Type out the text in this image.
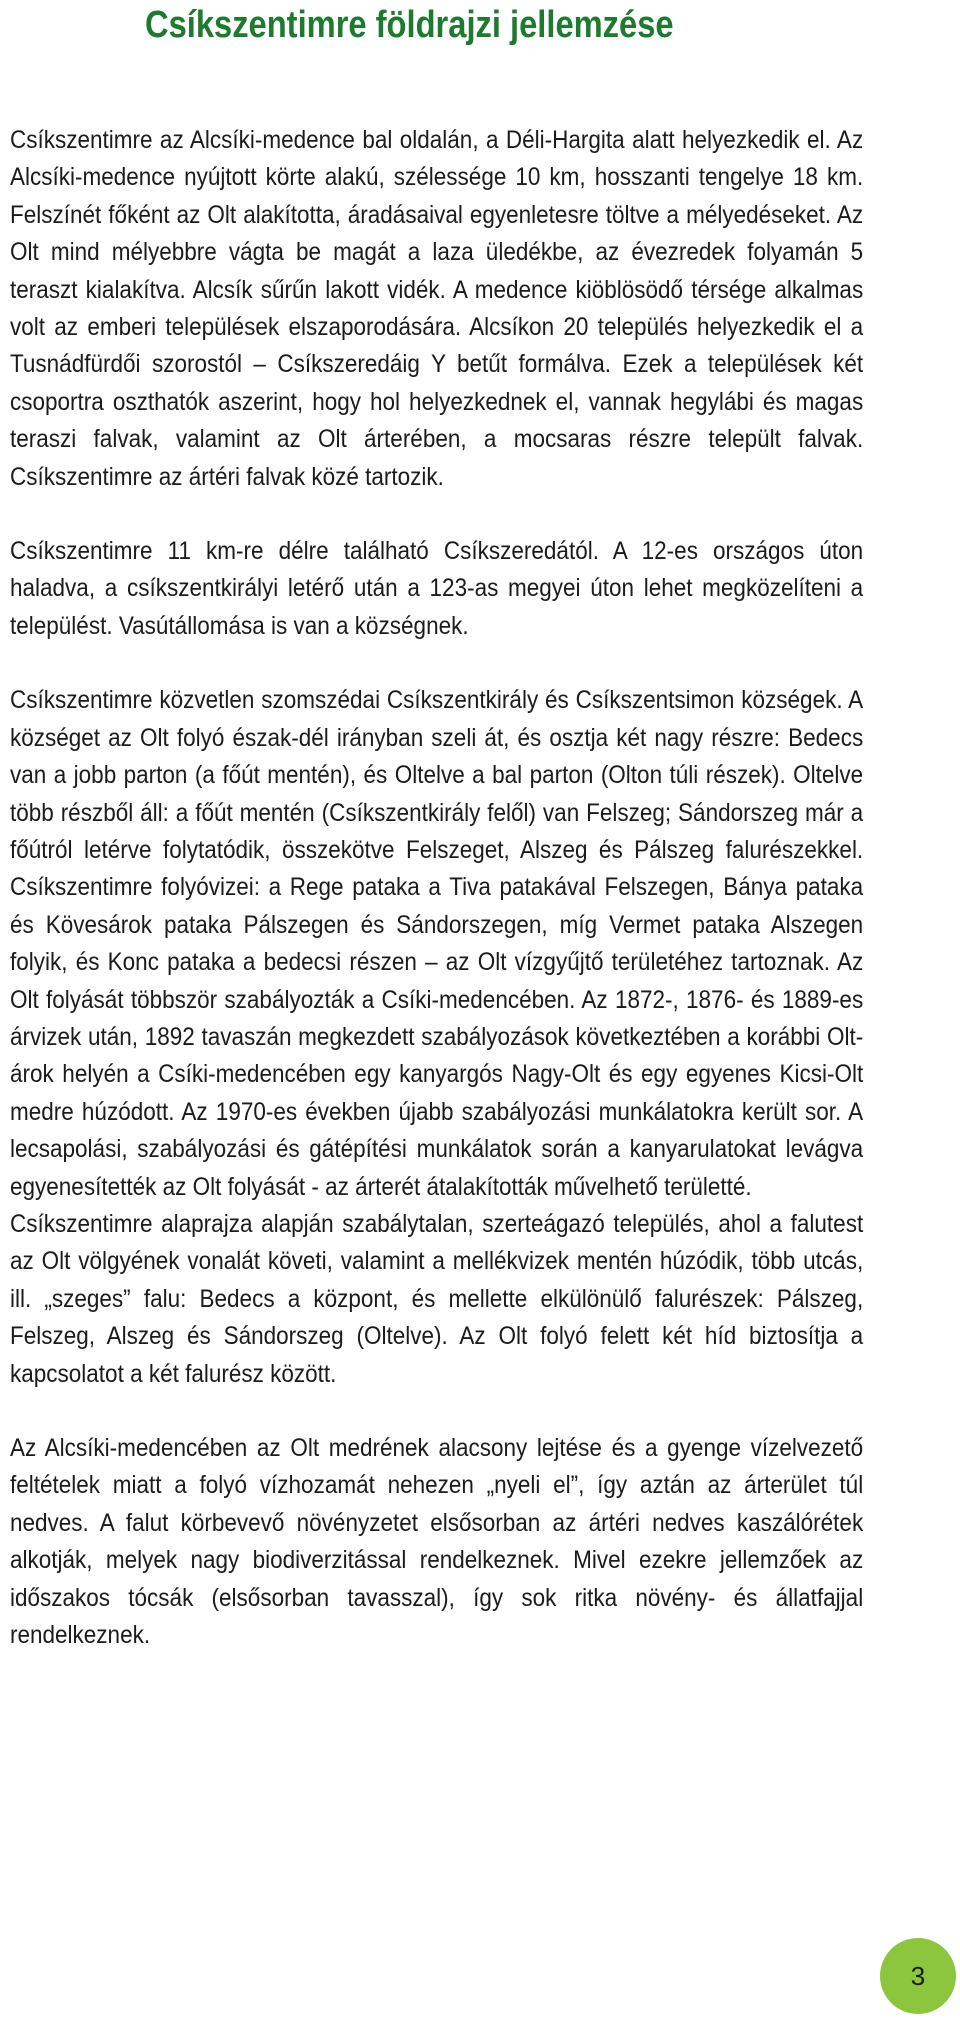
Csíkszentimre földrajzi jellemzése

Csíkszentimre az Alcsíki-medence bal oldalán, a Déli-Hargita alatt helyezkedik el. Az Alcsíki-medence nyújtott körte alakú, szélessége 10 km, hosszanti tengelye 18 km. Felszínét főként az Olt alakította, áradásaival egyenletesre töltve a mélyedéseket. Az Olt mind mélyebbre vágta be magát a laza üledékbe, az évezredek folyamán 5 teraszt kialakítva. Alcsík sűrűn lakott vidék. A medence kiöblösödő térsége alkalmas volt az emberi települések elszaporodására. Alcsíkon 20 település helyezkedik el a Tusnádfürdői szorostól – Csíkszeredáig Y betűt formálva. Ezek a települések két csoportra oszthatók aszerint, hogy hol helyezkednek el, vannak hegylábi és magas teraszi falvak, valamint az Olt árterében, a mocsaras részre települt falvak. Csíkszentimre az ártéri falvak közé tartozik.

Csíkszentimre 11 km-re délre található Csíkszeredától. A 12-es országos úton haladva, a csíkszentkirályi letérő után a 123-as megyei úton lehet megközelíteni a települést. Vasútállomása is van a községnek.

Csíkszentimre közvetlen szomszédai Csíkszentkirály és Csíkszentsimon községek. A községet az Olt folyó észak-dél irányban szeli át, és osztja két nagy részre: Bedecs van a jobb parton (a főút mentén), és Oltelve a bal parton (Olton túli részek). Oltelve több részből áll: a főút mentén (Csíkszentkirály felől) van Felszeg; Sándorszeg már a főútról letérve folytatódik, összekötve Felszeget, Alszeg és Pálszeg falurészekkel. Csíkszentimre folyóvizei: a Rege pataka a Tiva patakával Felszegen, Bánya pataka és Kövesárok pataka Pálszegen és Sándorszegen, míg Vermet pataka Alszegen folyik, és Konc pataka a bedecsi részen – az Olt vízgyűjtő területéhez tartoznak. Az Olt folyását többször szabályozták a Csíki-medencében. Az 1872-, 1876- és 1889-es árvizek után, 1892 tavaszán megkezdett szabályozások következtében a korábbi Olt-árok helyén a Csíki-medencében egy kanyargós Nagy-Olt és egy egyenes Kicsi-Olt medre húzódott. Az 1970-es években újabb szabályozási munkálatokra került sor. A lecsapolási, szabályozási és gátépítési munkálatok során a kanyarulatokat levágva egyenesítették az Olt folyását - az árterét átalakították művelhető területté.

Csíkszentimre alaprajza alapján szabálytalan, szerteágazó település, ahol a falutest az Olt völgyének vonalát követi, valamint a mellékvizek mentén húzódik, több utcás, ill. „szeges” falu: Bedecs a központ, és mellette elkülönülő falurészek: Pálszeg, Felszeg, Alszeg és Sándorszeg (Oltelve). Az Olt folyó felett két híd biztosítja a kapcsolatot a két falurész között.

Az Alcsíki-medencében az Olt medrének alacsony lejtése és a gyenge vízelvezető feltételek miatt a folyó vízhozamát nehezen „nyeli el”, így aztán az árterület túl nedves. A falut körbevevő növényzetet elsősorban az ártéri nedves kaszálórétek alkotják, melyek nagy biodiverzitással rendelkeznek. Mivel ezekre jellemzőek az időszakos tócsák (elsősorban tavasszal), így sok ritka növény- és állatfajjal rendelkeznek.

3
